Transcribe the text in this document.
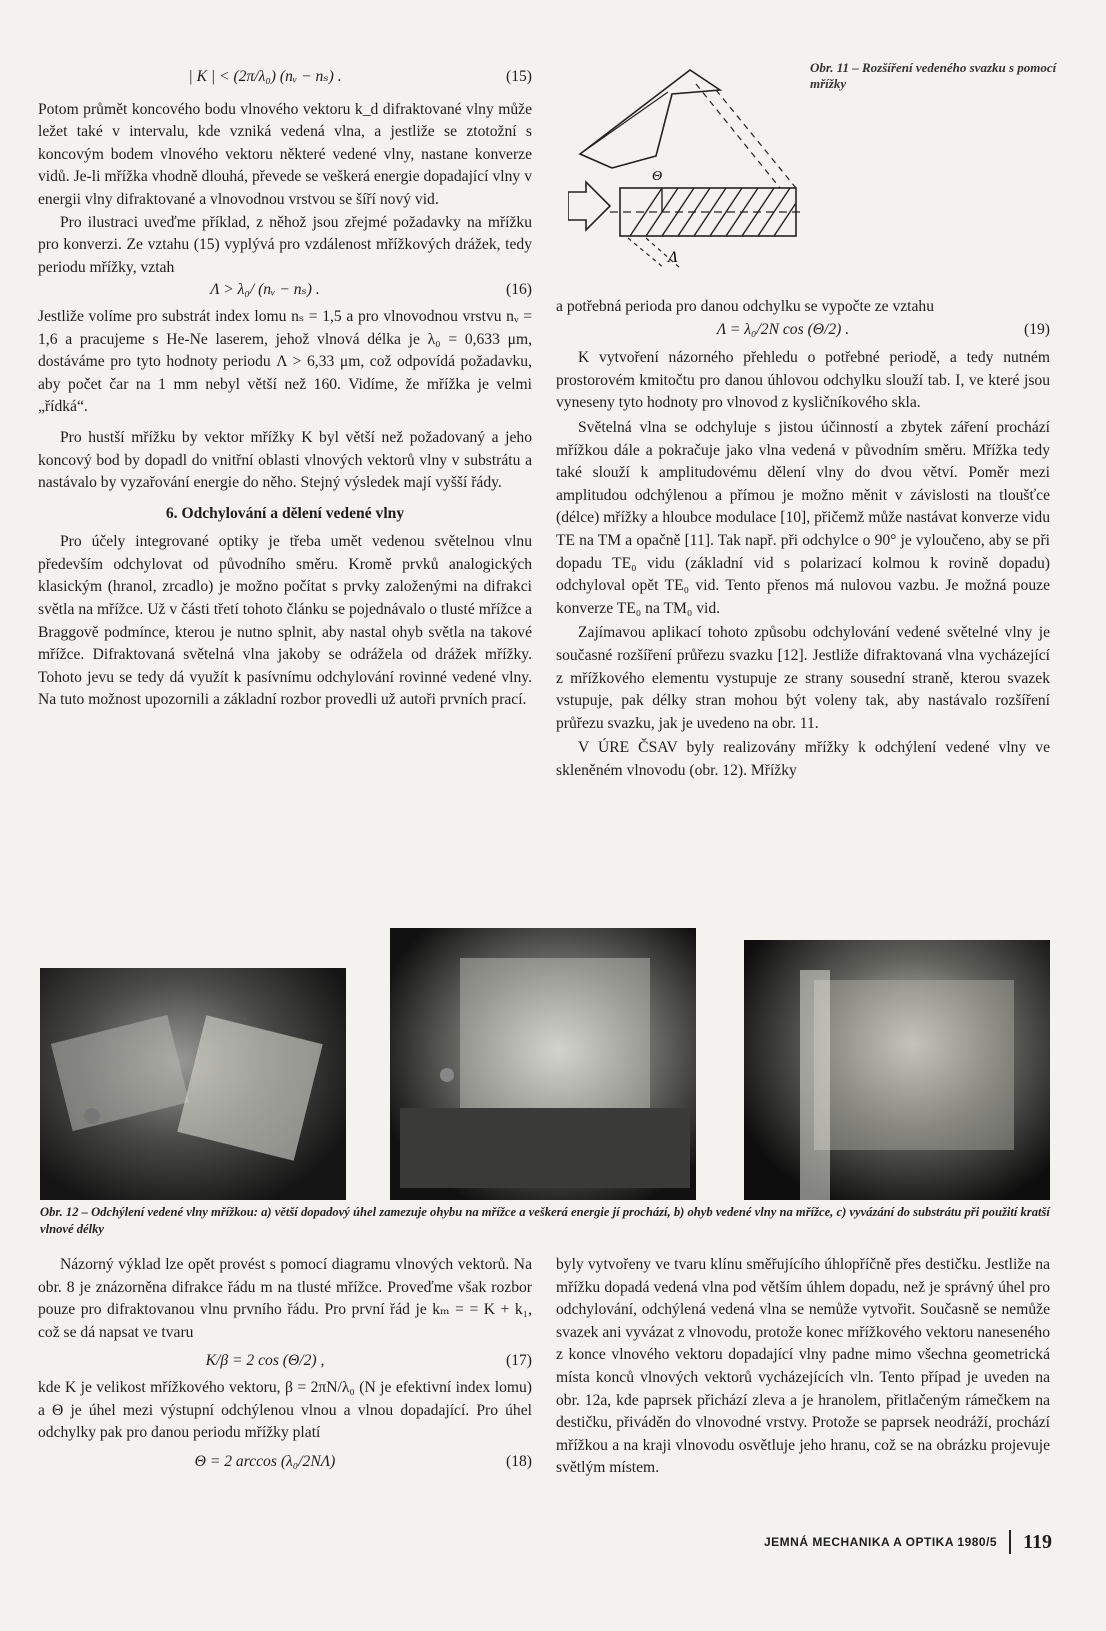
| K | < (2π/λ₀) (nᵥ − nₛ) .	(15)

Potom průmět koncového bodu vlnového vektoru k_d difraktované vlny může ležet také v intervalu, kde vzniká vedená vlna, a jestliže se ztotožní s koncovým bodem vlnového vektoru některé vedené vlny, nastane konverze vidů. Je-li mřížka vhodně dlouhá, převede se veškerá energie dopadající vlny v energii vlny difraktované a vlnovodnou vrstvou se šíří nový vid.

Pro ilustraci uveďme příklad, z něhož jsou zřejmé požadavky na mřížku pro konverzi. Ze vztahu (15) vyplývá pro vzdálenost mřížkových drážek, tedy periodu mřížky, vztah

Λ > λ₀/ (nᵥ − nₛ) .	(16)

Jestliže volíme pro substrát index lomu nₛ = 1,5 a pro vlnovodnou vrstvu nᵥ = 1,6 a pracujeme s He-Ne laserem, jehož vlnová délka je λ₀ = 0,633 μm, dostáváme pro tyto hodnoty periodu Λ > 6,33 μm, což odpovídá požadavku, aby počet čar na 1 mm nebyl větší než 160. Vidíme, že mřížka je velmi „řídká“.

Pro hustší mřížku by vektor mřížky K byl větší než požadovaný a jeho koncový bod by dopadl do vnitřní oblasti vlnových vektorů vlny v substrátu a nastávalo by vyzařování energie do něho. Stejný výsledek mají vyšší řády.

6. Odchylování a dělení vedené vlny

Pro účely integrované optiky je třeba umět vedenou světelnou vlnu především odchylovat od původního směru. Kromě prvků analogických klasickým (hranol, zrcadlo) je možno počítat s prvky založenými na difrakci světla na mřížce. Už v části třetí tohoto článku se pojednávalo o tlusté mřížce a Braggově podmínce, kterou je nutno splnit, aby nastal ohyb světla na takové mřížce. Difraktovaná světelná vlna jakoby se odrážela od drážek mřížky. Tohoto jevu se tedy dá využít k pasívnímu odchylování rovinné vedené vlny. Na tuto možnost upozornili a základní rozbor provedli už autoři prvních prací.

Θ
Λ
Obr. 11 – Rozšíření vedeného svazku s pomocí mřížky

a potřebná perioda pro danou odchylku se vypočte ze vztahu

Λ = λ₀/2N cos (Θ/2) .	(19)

K vytvoření názorného přehledu o potřebné periodě, a tedy nutném prostorovém kmitočtu pro danou úhlovou odchylku slouží tab. I, ve které jsou vyneseny tyto hodnoty pro vlnovod z kysličníkového skla.

Světelná vlna se odchyluje s jistou účinností a zbytek záření prochází mřížkou dále a pokračuje jako vlna vedená v původním směru. Mřížka tedy také slouží k amplitudovému dělení vlny do dvou větví. Poměr mezi amplitudou odchýlenou a přímou je možno měnit v závislosti na tloušťce (délce) mřížky a hloubce modulace [10], přičemž může nastávat konverze vidu TE na TM a opačně [11]. Tak např. při odchylce o 90° je vyloučeno, aby se při dopadu TE₀ vidu (základní vid s polarizací kolmou k rovině dopadu) odchyloval opět TE₀ vid. Tento přenos má nulovou vazbu. Je možná pouze konverze TE₀ na TM₀ vid.

Zajímavou aplikací tohoto způsobu odchylování vedené světelné vlny je současné rozšíření průřezu svazku [12]. Jestliže difraktovaná vlna vycházející z mřížkového elementu vystupuje ze strany sousední straně, kterou svazek vstupuje, pak délky stran mohou být voleny tak, aby nastávalo rozšíření průřezu svazku, jak je uvedeno na obr. 11.

V ÚRE ČSAV byly realizovány mřížky k odchýlení vedené vlny ve skleněném vlnovodu (obr. 12). Mřížky

Obr. 12 – Odchýlení vedené vlny mřížkou: a) větší dopadový úhel zamezuje ohybu na mřížce a veškerá energie jí prochází, b) ohyb vedené vlny na mřížce, c) vyvázání do substrátu při použití kratší vlnové délky

Názorný výklad lze opět provést s pomocí diagramu vlnových vektorů. Na obr. 8 je znázorněna difrakce řádu m na tlusté mřížce. Proveďme však rozbor pouze pro difraktovanou vlnu prvního řádu. Pro první řád je kₘ = = K + k₁, což se dá napsat ve tvaru

K/β = 2 cos (Θ/2) ,	(17)

kde K je velikost mřížkového vektoru, β = 2πN/λ₀ (N je efektivní index lomu) a Θ je úhel mezi výstupní odchýlenou vlnou a vlnou dopadající. Pro úhel odchylky pak pro danou periodu mřížky platí

Θ = 2 arccos (λ₀/2NΛ)	(18)

byly vytvořeny ve tvaru klínu směřujícího úhlopříčně přes destičku. Jestliže na mřížku dopadá vedená vlna pod větším úhlem dopadu, než je správný úhel pro odchylování, odchýlená vedená vlna se nemůže vytvořit. Současně se nemůže svazek ani vyvázat z vlnovodu, protože konec mřížkového vektoru naneseného z konce vlnového vektoru dopadající vlny padne mimo všechna geometrická místa konců vlnových vektorů vycházejících vln. Tento případ je uveden na obr. 12a, kde paprsek přichází zleva a je hranolem, přitlačeným rámečkem na destičku, přiváděn do vlnovodné vrstvy. Protože se paprsek neodráží, prochází mřížkou a na kraji vlnovodu osvětluje jeho hranu, což se na obrázku projevuje světlým místem.

JEMNÁ MECHANIKA A OPTIKA 1980/5 119
